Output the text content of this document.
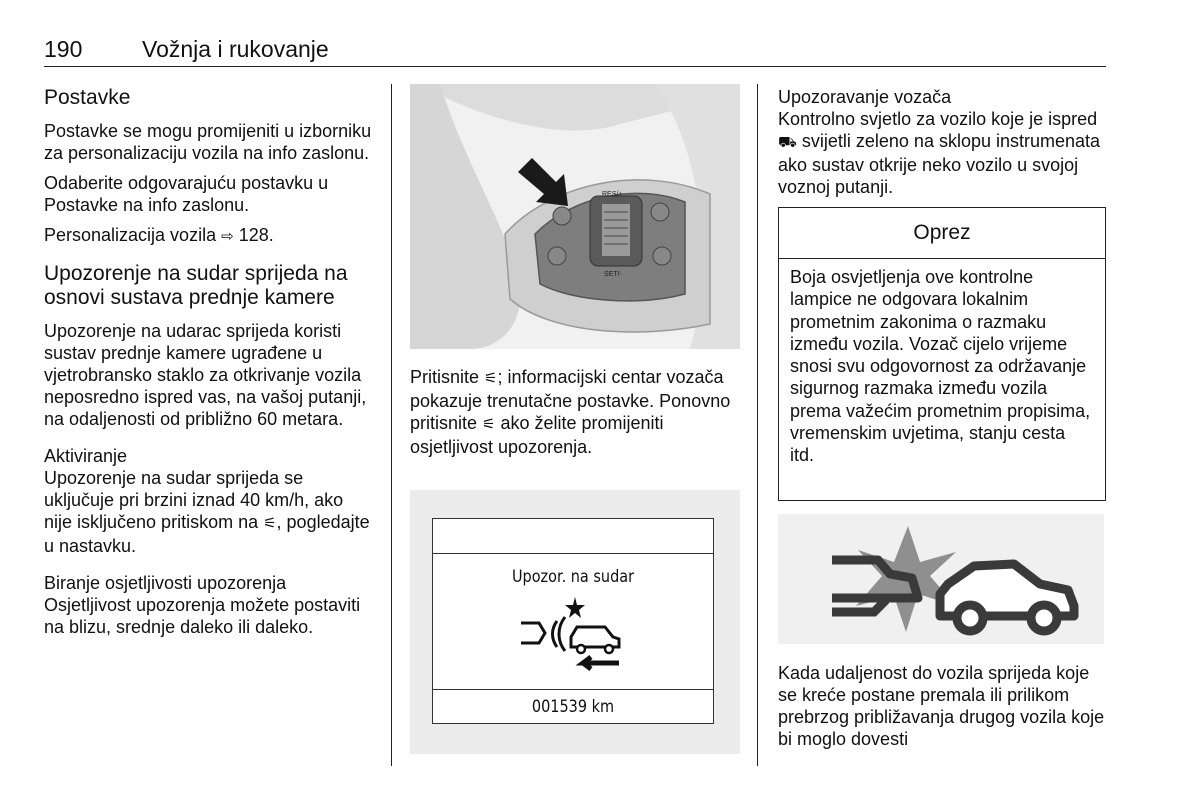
190	Vožnja i rukovanje
Postavke

Postavke se mogu promijeniti u izborniku za personalizaciju vozila na info zaslonu.

Odaberite odgovarajuću postavku u Postavke na info zaslonu.

Personalizacija vozila ⇨ 128.

Upozorenje na sudar sprijeda na osnovi sustava prednje kamere

Upozorenje na udarac sprijeda koristi sustav prednje kamere ugrađene u vjetrobransko staklo za otkrivanje vozila neposredno ispred vas, na vašoj putanji, na odaljenosti od približno 60 metara.

Aktiviranje

Upozorenje na sudar sprijeda se uključuje pri brzini iznad 40 km/h, ako nije isključeno pritiskom na ⚟, pogledajte u nastavku.

Biranje osjetljivosti upozorenja

Osjetljivost upozorenja možete postaviti na blizu, srednje daleko ili daleko.

RES/+
SET/-

Pritisnite ⚟; informacijski centar vozača pokazuje trenutačne postavke. Ponovno pritisnite ⚟ ako želite promijeniti osjetljivost upozorenja.

Upozor. na sudar
001539 km
Upozoravanje vozača

Kontrolno svjetlo za vozilo koje je ispred ⛟ svijetli zeleno na sklopu instrumenata ako sustav otkrije neko vozilo u svojoj voznoj putanji.

Oprez
Boja osvjetljenja ove kontrolne lampice ne odgovara lokalnim prometnim zakonima o razmaku između vozila. Vozač cijelo vrijeme snosi svu odgovornost za održavanje sigurnog razmaka između vozila prema važećim prometnim propisima, vremenskim uvjetima, stanju cesta itd.

Kada udaljenost do vozila sprijeda koje se kreće postane premala ili prilikom prebrzog približavanja drugog vozila koje bi moglo dovesti
